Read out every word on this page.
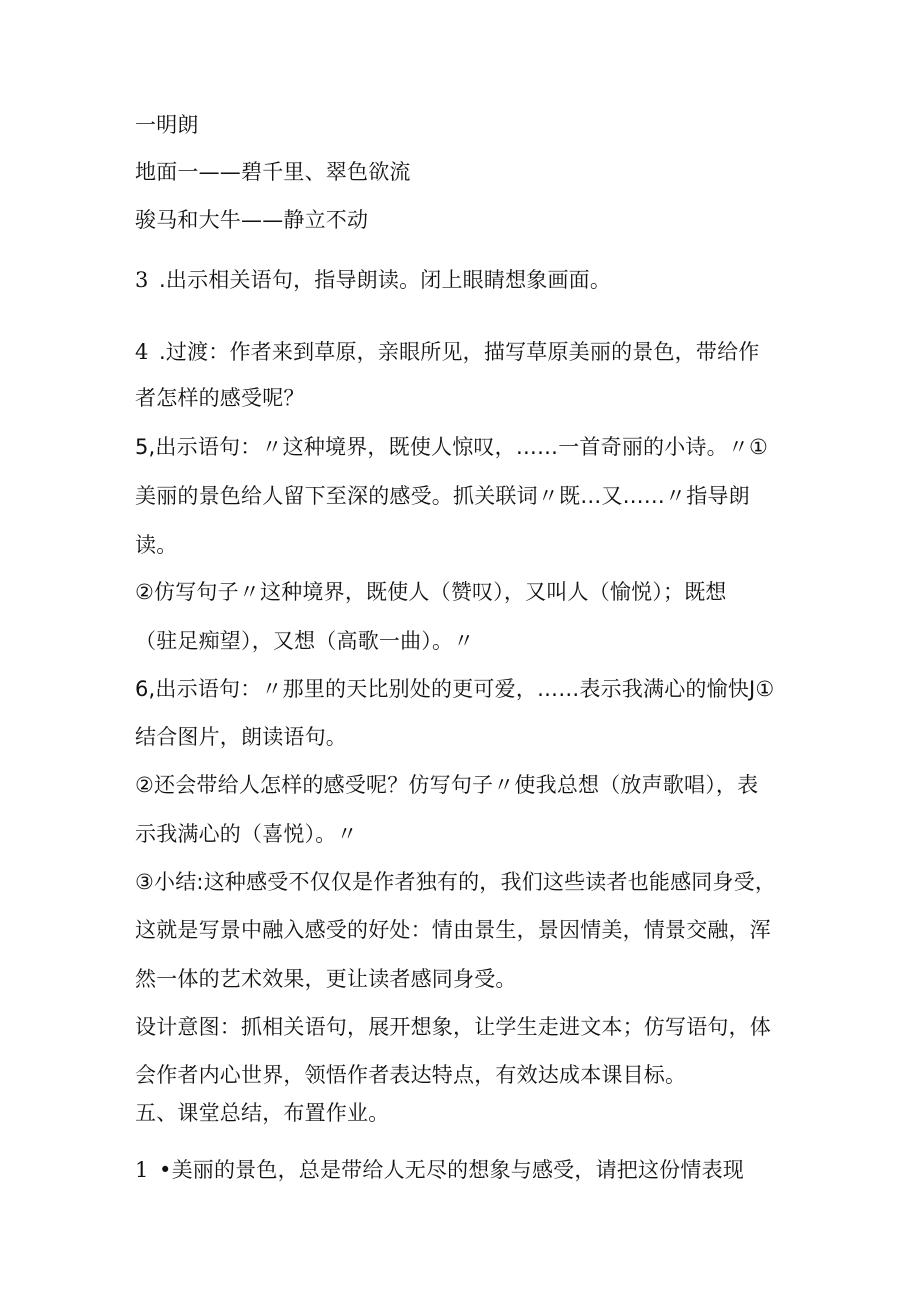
一明朗

地面一——碧千里、翠色欲流

骏马和大牛——静立不动

3 .出示相关语句，指导朗读。闭上眼睛想象画面。

4 .过渡：作者来到草原，亲眼所见，描写草原美丽的景色，带给作

者怎样的感受呢？

5,出示语句：〃这种境界，既使人惊叹，……一首奇丽的小诗。〃①

美丽的景色给人留下至深的感受。抓关联词〃既…又……〃指导朗

读。

②仿写句子〃这种境界，既使人（赞叹），又叫人（愉悦）；既想

（驻足痴望），又想（高歌一曲）。〃

6,出示语句：〃那里的天比别处的更可爱，……表示我满心的愉快J①

结合图片，朗读语句。

②还会带给人怎样的感受呢？仿写句子〃使我总想（放声歌唱），表

示我满心的（喜悦）。〃

③小结:这种感受不仅仅是作者独有的，我们这些读者也能感同身受，

这就是写景中融入感受的好处：情由景生，景因情美，情景交融，浑

然一体的艺术效果，更让读者感同身受。

设计意图：抓相关语句，展开想象，让学生走进文本；仿写语句，体

会作者内心世界，领悟作者表达特点，有效达成本课目标。

五、课堂总结，布置作业。

1 •美丽的景色，总是带给人无尽的想象与感受，请把这份情表现
